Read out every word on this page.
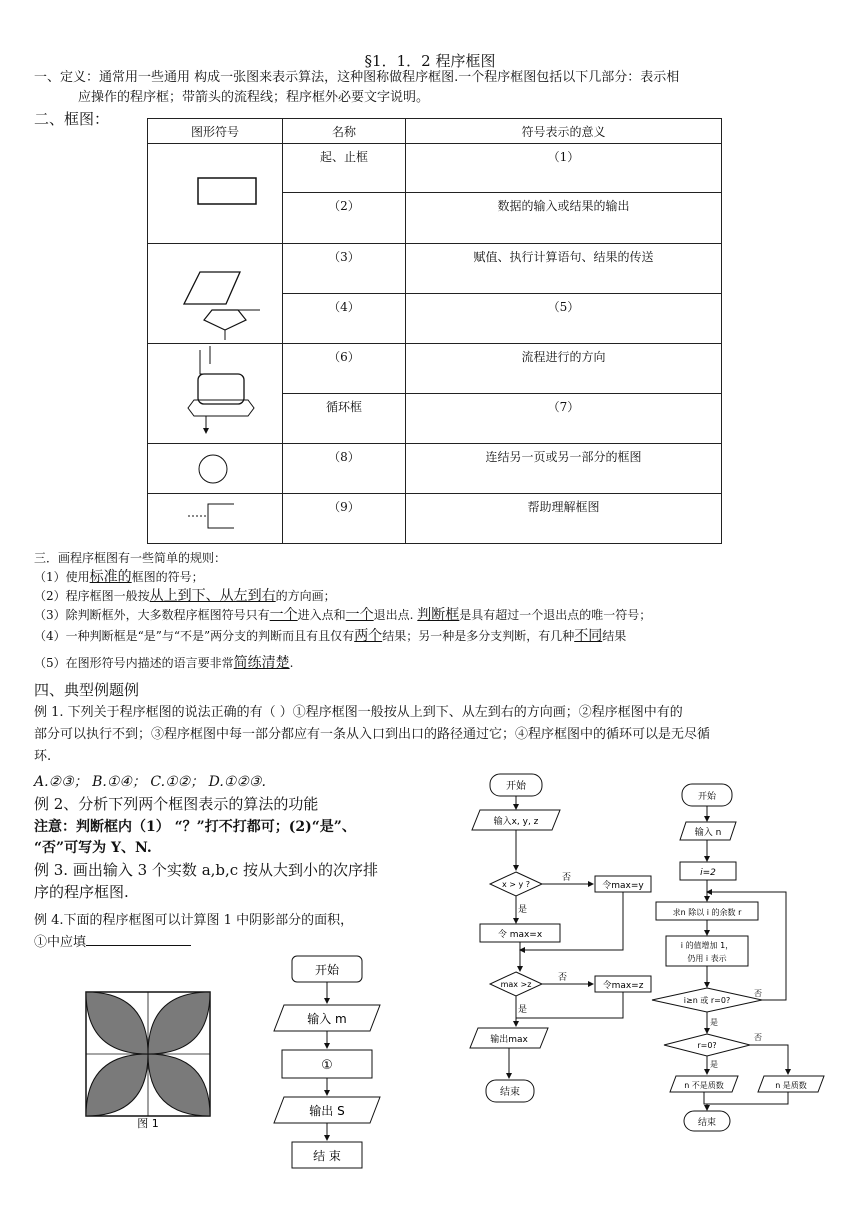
§1．1．2 程序框图
一、定义：通常用一些通用 构成一张图来表示算法，这种图称做程序框图.一个程序框图包括以下几部分：表示相
应操作的程序框；带箭头的流程线；程序框外必要文字说明。
二、框图：
图形符号	名称	符号表示的意义
	起、止框	（1）
	（2）	数据的输入或结果的输出
	（3）	赋值、执行计算语句、结果的传送
	（4）	（5）
	（6）	流程进行的方向
	循环框	（7）
	（8）	连结另一页或另一部分的框图
	（9）	帮助理解框图
三．画程序框图有一些简单的规则：
（1）使用标准的框图的符号；
（2）程序框图一般按从上到下、从左到右的方向画；
（3）除判断框外，大多数程序框图符号只有一个进入点和一个退出点. 判断框是具有超过一个退出点的唯一符号；
（4）一种判断框是“是”与“不是”两分支的判断而且有且仅有两个结果；另一种是多分支判断，有几种不同结果
（5）在图形符号内描述的语言要非常简练清楚.
四、典型例题例
例 1. 下列关于程序框图的说法正确的有（ ）①程序框图一般按从上到下、从左到右的方向画；②程序框图中有的
部分可以执行不到；③程序框图中每一部分都应有一条从入口到出口的路径通过它；④程序框图中的循环可以是无尽循
环.
A.②③； B.①④； C.①②； D.①②③.
例 2、分析下列两个框图表示的算法的功能
注意：判断框内（1） “？”打不打都可；(2)“是”、
“否”可写为 Y、N.
例 3. 画出输入 3 个实数 a,b,c 按从大到小的次序排
序的程序框图.
例 4.下面的程序框图可以计算图 1 中阴影部分的面积，
①中应填
图 1
开始
输入 m
①
输出 S
结 束
开始
输入x, y, z
x > y ?
否
令max=y
是
令 max=x
max >z
否
令max=z
是
输出max
结束
开始
输入 n
i=2
求n 除以 i 的余数 r
i 的值增加 1，
仍用 i 表示
i≥n 或 r=0?
否
是
r=0?
否
是
n 不是质数	n 是质数
结束
